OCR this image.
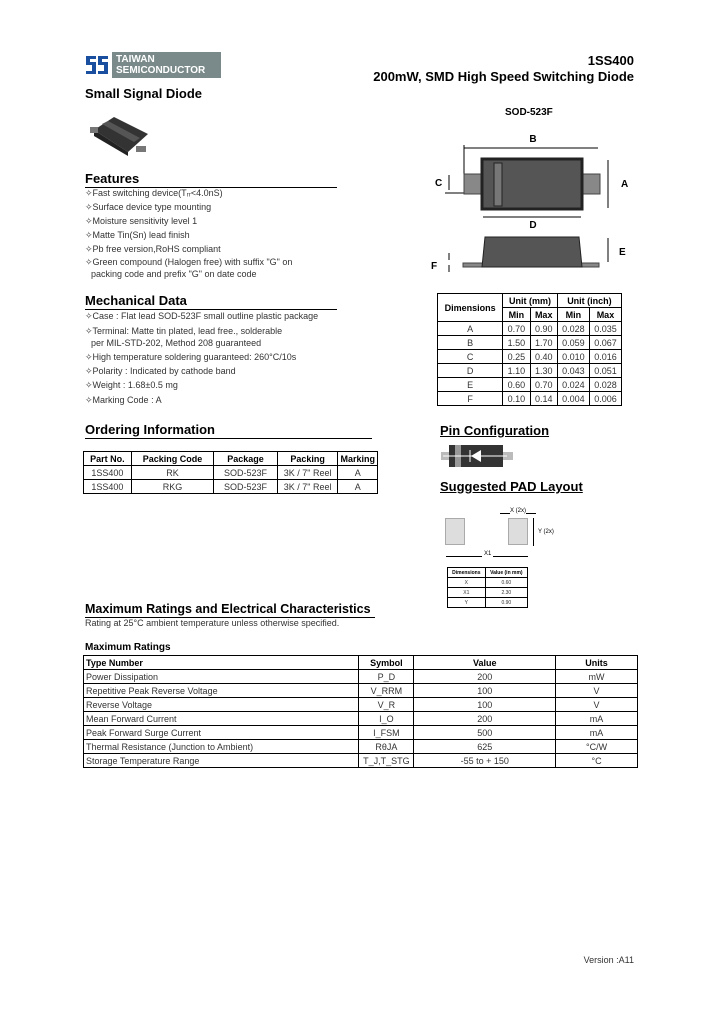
TAIWAN
SEMICONDUCTOR
1SS400
200mW, SMD High Speed Switching Diode
Small Signal Diode
Features
✧Fast switching device(Tᵣᵣ<4.0nS)
✧Surface device type mounting
✧Moisture sensitivity level 1
✧Matte Tin(Sn) lead finish
✧Pb free version,RoHS compliant
✧Green compound (Halogen free) with suffix "G" on
packing code and prefix "G" on date code
Mechanical Data
✧Case : Flat lead SOD-523F small outline plastic package
✧Terminal: Matte tin plated, lead free., solderable
per MIL-STD-202, Method 208 guaranteed
✧High temperature soldering guaranteed: 260°C/10s
✧Polarity : Indicated by cathode band
✧Weight : 1.68±0.5 mg
✧Marking Code : A
SOD-523F
B
A
C
D
E
F
Dimensions	Unit (mm)		Unit (inch)	
	Min	Max	Min	Max
A	0.70	0.90	0.028	0.035
B	1.50	1.70	0.059	0.067
C	0.25	0.40	0.010	0.016
D	1.10	1.30	0.043	0.051
E	0.60	0.70	0.024	0.028
F	0.10	0.14	0.004	0.006
Ordering Information
Part No.	Packing Code	Package	Packing	Marking
1SS400	RK	SOD-523F	3K / 7" Reel	A
1SS400	RKG	SOD-523F	3K / 7" Reel	A
Pin Configuration
Suggested PAD Layout
X (2x)
Y (2x)
X1
Dimensions	Value (in mm)
X	0.60
X1	2.30
Y	0.90
Maximum Ratings and Electrical Characteristics
Rating at 25°C ambient temperature unless otherwise specified.
Maximum Ratings
Type Number	Symbol	Value	Units
Power Dissipation	P_D	200	mW
Repetitive Peak Reverse Voltage	V_RRM	100	V
Reverse Voltage	V_R	100	V
Mean Forward Current	I_O	200	mA
Peak Forward Surge Current	I_FSM	500	mA
Thermal Resistance (Junction to Ambient)	RθJA	625	°C/W
Storage Temperature Range	T_J,T_STG	-55 to + 150	°C
Version :A11
